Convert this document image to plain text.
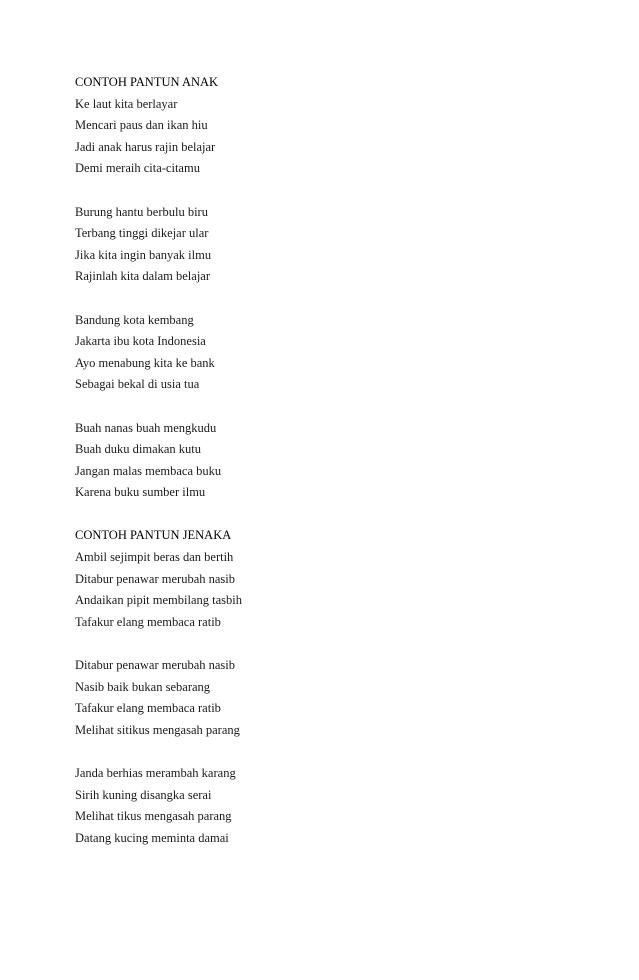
CONTOH PANTUN ANAK
Ke laut kita berlayar
Mencari paus dan ikan hiu
Jadi anak harus rajin belajar
Demi meraih cita-citamu
Burung hantu berbulu biru
Terbang tinggi dikejar ular
Jika kita ingin banyak ilmu
Rajinlah kita dalam belajar
Bandung kota kembang
Jakarta ibu kota Indonesia
Ayo menabung kita ke bank
Sebagai bekal di usia tua
Buah nanas buah mengkudu
Buah duku dimakan kutu
Jangan malas membaca buku
Karena buku sumber ilmu
CONTOH PANTUN JENAKA
Ambil sejimpit beras dan bertih
Ditabur penawar merubah nasib
Andaikan pipit membilang tasbih
Tafakur elang membaca ratib
Ditabur penawar merubah nasib
Nasib baik bukan sebarang
Tafakur elang membaca ratib
Melihat sitikus mengasah parang
Janda berhias merambah karang
Sirih kuning disangka serai
Melihat tikus mengasah parang
Datang kucing meminta damai
